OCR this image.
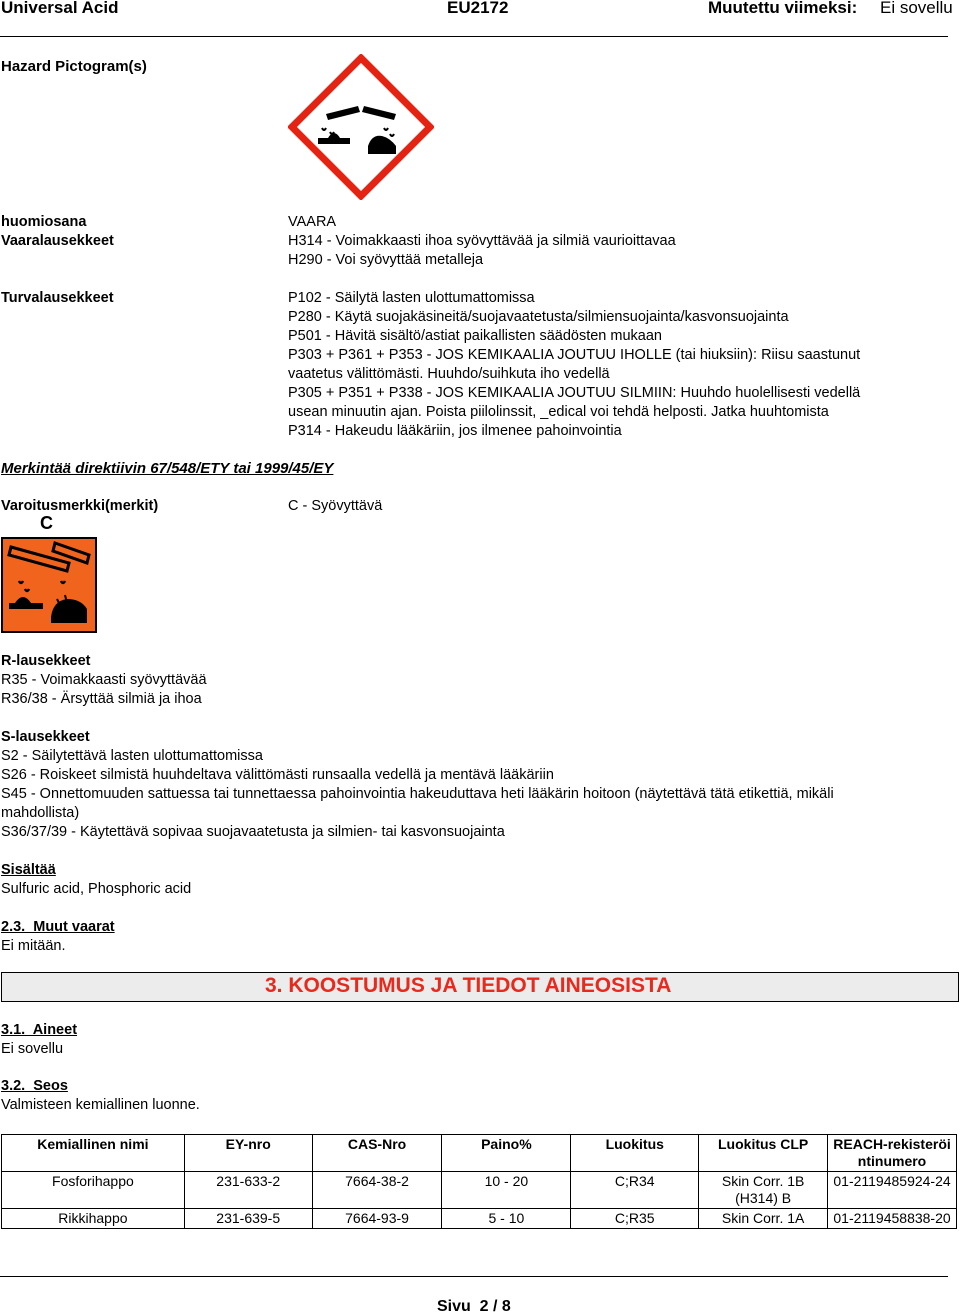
Universal Acid	EU2172	Muutettu viimeksi: Ei sovellu
Hazard Pictogram(s)
huomiosana	VAARA
Vaaralausekkeet	H314 - Voimakkaasti ihoa syövyttävää ja silmiä vaurioittavaa
H290 - Voi syövyttää metalleja
Turvalausekkeet	P102 - Säilytä lasten ulottumattomissa
P280 - Käytä suojakäsineitä/suojavaatetusta/silmiensuojainta/kasvonsuojainta
P501 - Hävitä sisältö/astiat paikallisten säädösten mukaan
P303 + P361 + P353 - JOS KEMIKAALIA JOUTUU IHOLLE (tai hiuksiin): Riisu saastunut
vaatetus välittömästi. Huuhdo/suihkuta iho vedellä
P305 + P351 + P338 - JOS KEMIKAALIA JOUTUU SILMIIN: Huuhdo huolellisesti vedellä
usean minuutin ajan. Poista piilolinssit, _edical voi tehdä helposti. Jatka huuhtomista
P314 - Hakeudu lääkäriin, jos ilmenee pahoinvointia
Merkintää direktiivin 67/548/ETY tai 1999/45/EY
Varoitusmerkki(merkit)	C - Syövyttävä
C
R-lausekkeet
R35 - Voimakkaasti syövyttävää
R36/38 - Ärsyttää silmiä ja ihoa
S-lausekkeet
S2 - Säilytettävä lasten ulottumattomissa
S26 - Roiskeet silmistä huuhdeltava välittömästi runsaalla vedellä ja mentävä lääkäriin
S45 - Onnettomuuden sattuessa tai tunnettaessa pahoinvointia hakeuduttava heti lääkärin hoitoon (näytettävä tätä etikettiä, mikäli
mahdollista)
S36/37/39 - Käytettävä sopivaa suojavaatetusta ja silmien- tai kasvonsuojainta
Sisältää
Sulfuric acid, Phosphoric acid
2.3.  Muut vaarat
Ei mitään.
3. KOOSTUMUS JA TIEDOT AINEOSISTA
3.1.  Aineet
Ei sovellu
3.2.  Seos
Valmisteen kemiallinen luonne.
Kemiallinen nimi	EY-nro	CAS-Nro	Paino%	Luokitus	Luokitus CLP	REACH-rekisteröi ntinumero
Fosforihappo	231-633-2	7664-38-2	10 - 20	C;R34	Skin Corr. 1B (H314) B	01-2119485924-24
Rikkihappo	231-639-5	7664-93-9	5 - 10	C;R35	Skin Corr. 1A	01-2119458838-20
Sivu  2 / 8
